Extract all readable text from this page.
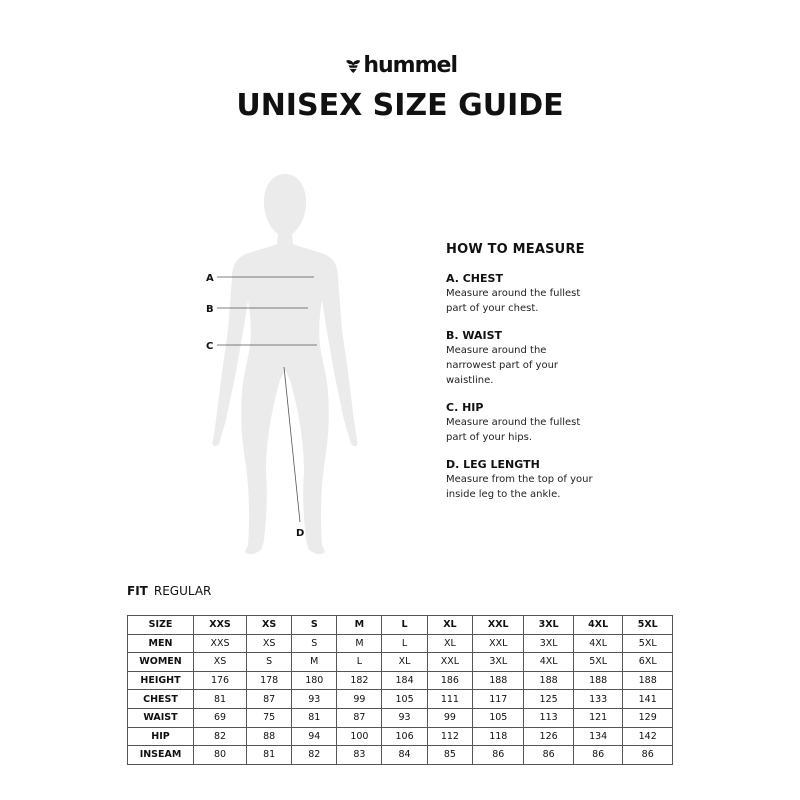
hummel
UNISEX SIZE GUIDE
A
B
C
D
HOW TO MEASURE
A. CHEST
Measure around the fullest part of your chest.
B. WAIST
Measure around the narrowest part of your waistline.
C. HIP
Measure around the fullest part of your hips.
D. LEG LENGTH
Measure from the top of your inside leg to the ankle.
FIT REGULAR
SIZE	XXS	XS	S	M	L	XL	XXL	3XL	4XL	5XL
MEN	XXS	XS	S	M	L	XL	XXL	3XL	4XL	5XL
WOMEN	XS	S	M	L	XL	XXL	3XL	4XL	5XL	6XL
HEIGHT	176	178	180	182	184	186	188	188	188	188
CHEST	81	87	93	99	105	111	117	125	133	141
WAIST	69	75	81	87	93	99	105	113	121	129
HIP	82	88	94	100	106	112	118	126	134	142
INSEAM	80	81	82	83	84	85	86	86	86	86
